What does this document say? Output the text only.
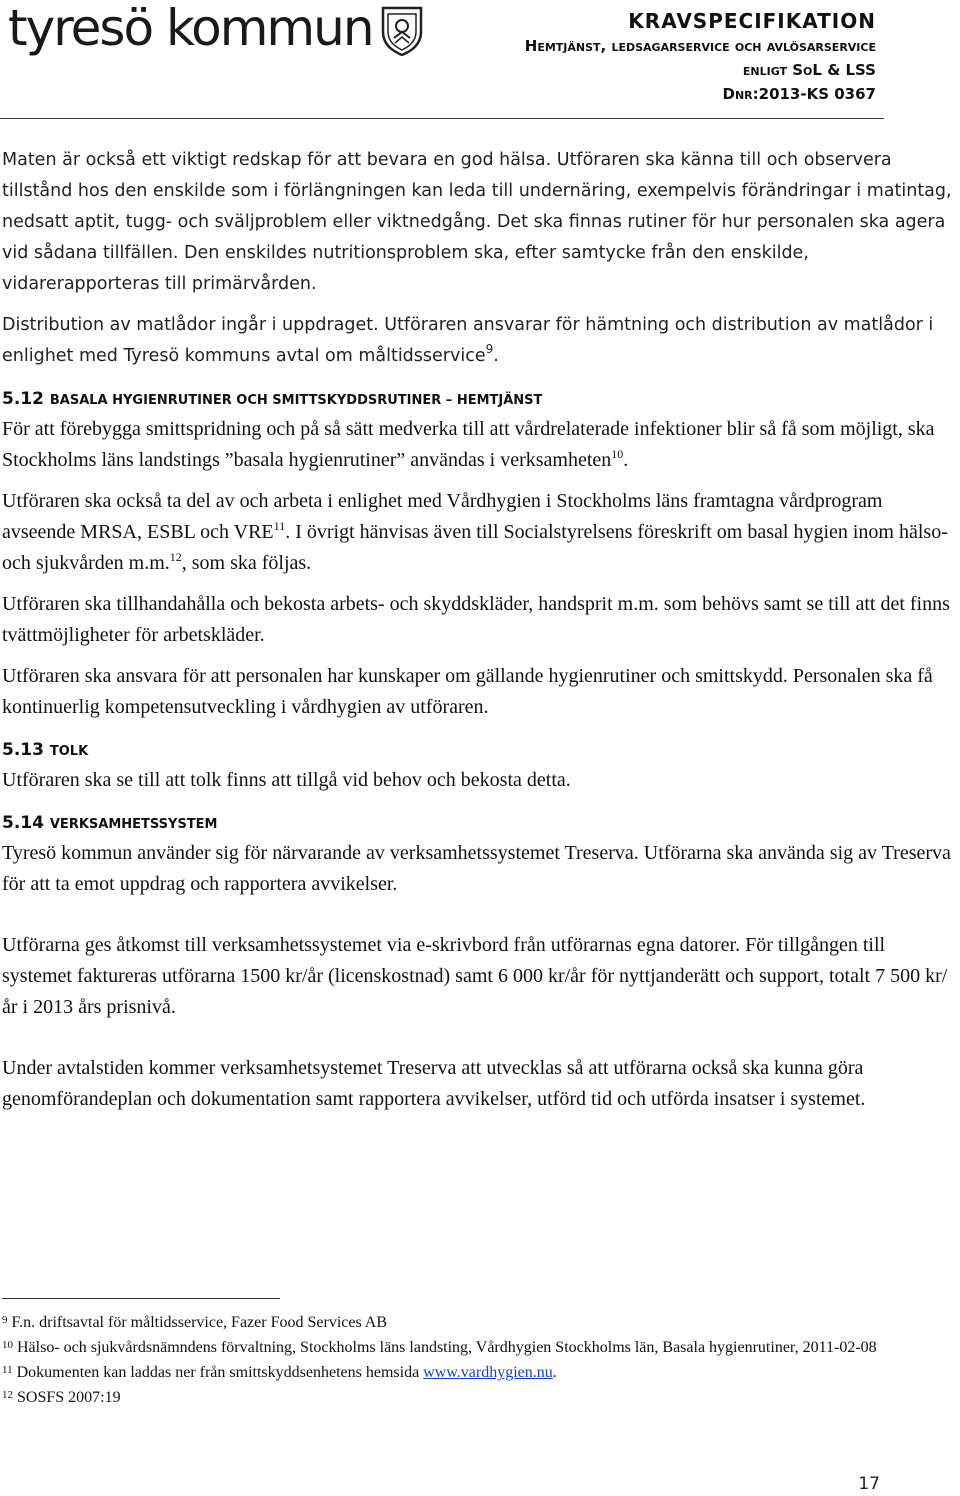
tyresö kommun	KRAVSPECIFIKATION
Hemtjänst, ledsagarservice och avlösarservice
enligt SoL & LSS
Dnr:2013-KS 0367

Maten är också ett viktigt redskap för att bevara en god hälsa. Utföraren ska känna till och observera tillstånd hos den enskilde som i förlängningen kan leda till undernäring, exempelvis förändringar i matintag, nedsatt aptit, tugg- och sväljproblem eller viktnedgång. Det ska finnas rutiner för hur personalen ska agera vid sådana tillfällen. Den enskildes nutritionsproblem ska, efter samtycke från den enskilde, vidarerapporteras till primärvården.

Distribution av matlådor ingår i uppdraget. Utföraren ansvarar för hämtning och distribution av matlådor i enlighet med Tyresö kommuns avtal om måltidsservice$^9$.

5.12 BASALA HYGIENRUTINER OCH SMITTSKYDDSRUTINER – HEMTJÄNST

För att förebygga smittspridning och på så sätt medverka till att vårdrelaterade infektioner blir så få som möjligt, ska Stockholms läns landstings ”basala hygienrutiner” användas i verksamheten$^{10}$.

Utföraren ska också ta del av och arbeta i enlighet med Vårdhygien i Stockholms läns framtagna vårdprogram avseende MRSA, ESBL och VRE$^{11}$. I övrigt hänvisas även till Socialstyrelsens föreskrift om basal hygien inom hälso- och sjukvården m.m.$^{12}$, som ska följas.

Utföraren ska tillhandahålla och bekosta arbets- och skyddskläder, handsprit m.m. som behövs samt se till att det finns tvättmöjligheter för arbetskläder.

Utföraren ska ansvara för att personalen har kunskaper om gällande hygienrutiner och smittskydd. Personalen ska få kontinuerlig kompetensutveckling i vårdhygien av utföraren.

5.13 TOLK

Utföraren ska se till att tolk finns att tillgå vid behov och bekosta detta.

5.14 VERKSAMHETSSYSTEM

Tyresö kommun använder sig för närvarande av verksamhetssystemet Treserva. Utförarna ska använda sig av Treserva för att ta emot uppdrag och rapportera avvikelser.

Utförarna ges åtkomst till verksamhetssystemet via e-skrivbord från utförarnas egna datorer. För tillgången till systemet faktureras utförarna 1500 kr/år (licenskostnad) samt 6 000 kr/år för nyttjanderätt och support, totalt 7 500 kr/år i 2013 års prisnivå.

Under avtalstiden kommer verksamhetsystemet Treserva att utvecklas så att utförarna också ska kunna göra genomförandeplan och dokumentation samt rapportera avvikelser, utförd tid och utförda insatser i systemet.

$^9$ F.n. driftsavtal för måltidsservice, Fazer Food Services AB
$^{10}$ Hälso- och sjukvårdsnämndens förvaltning, Stockholms läns landsting, Vårdhygien Stockholms län, Basala hygienrutiner, 2011-02-08
$^{11}$ Dokumenten kan laddas ner från smittskyddsenhetens hemsida www.vardhygien.nu.
$^{12}$ SOSFS 2007:19
17
